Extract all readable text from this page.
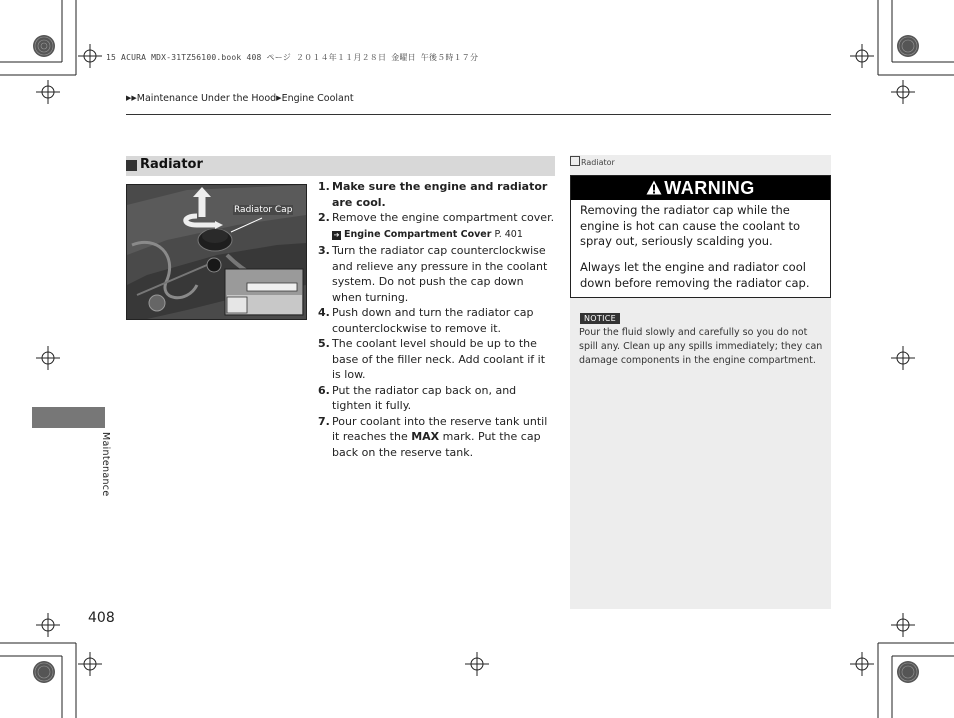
15 ACURA MDX-31TZ56100.book 408 ページ ２０１４年１１月２８日 金曜日 午後５時１７分
▶▶Maintenance Under the Hood▶Engine Coolant
Radiator
Radiator Cap
1. Make sure the engine and radiator are cool.
2. Remove the engine compartment cover.
➔ Engine Compartment Cover P. 401
3. Turn the radiator cap counterclockwise and relieve any pressure in the coolant system. Do not push the cap down when turning.
4. Push down and turn the radiator cap counterclockwise to remove it.
5. The coolant level should be up to the base of the filler neck. Add coolant if it is low.
6. Put the radiator cap back on, and tighten it fully.
7. Pour coolant into the reserve tank until it reaches the MAX mark. Put the cap back on the reserve tank.
Radiator
WARNING
Removing the radiator cap while the engine is hot can cause the coolant to spray out, seriously scalding you.
Always let the engine and radiator cool down before removing the radiator cap.
NOTICE
Pour the fluid slowly and carefully so you do not spill any. Clean up any spills immediately; they can damage components in the engine compartment.
Maintenance
408
